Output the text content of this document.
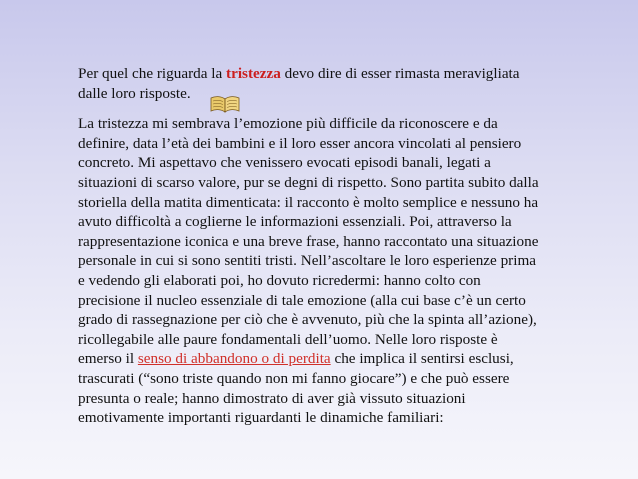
Per quel che riguarda la tristezza devo dire di esser rimasta meravigliata
dalle loro risposte.

La tristezza mi sembrava l’emozione più difficile da riconoscere e da
definire, data l’età dei bambini e il loro esser ancora vincolati al pensiero
concreto. Mi aspettavo che venissero evocati episodi banali, legati a
situazioni di scarso valore, pur se degni di rispetto. Sono partita subito dalla
storiella della matita dimenticata: il racconto è molto semplice e nessuno ha
avuto difficoltà a coglierne le informazioni essenziali. Poi, attraverso la
rappresentazione iconica e una breve frase, hanno raccontato una situazione
personale in cui si sono sentiti tristi. Nell’ascoltare le loro esperienze prima
e vedendo gli elaborati poi, ho dovuto ricredermi: hanno colto con
precisione il nucleo essenziale di tale emozione (alla cui base c’è un certo
grado di rassegnazione per ciò che è avvenuto, più che la spinta all’azione),
ricollegabile alle paure fondamentali dell’uomo. Nelle loro risposte è
emerso il senso di abbandono o di perdita che implica il sentirsi esclusi,
trascurati (“sono triste quando non mi fanno giocare”) e che può essere
presunta o reale; hanno dimostrato di aver già vissuto situazioni
emotivamente importanti riguardanti le dinamiche familiari:
